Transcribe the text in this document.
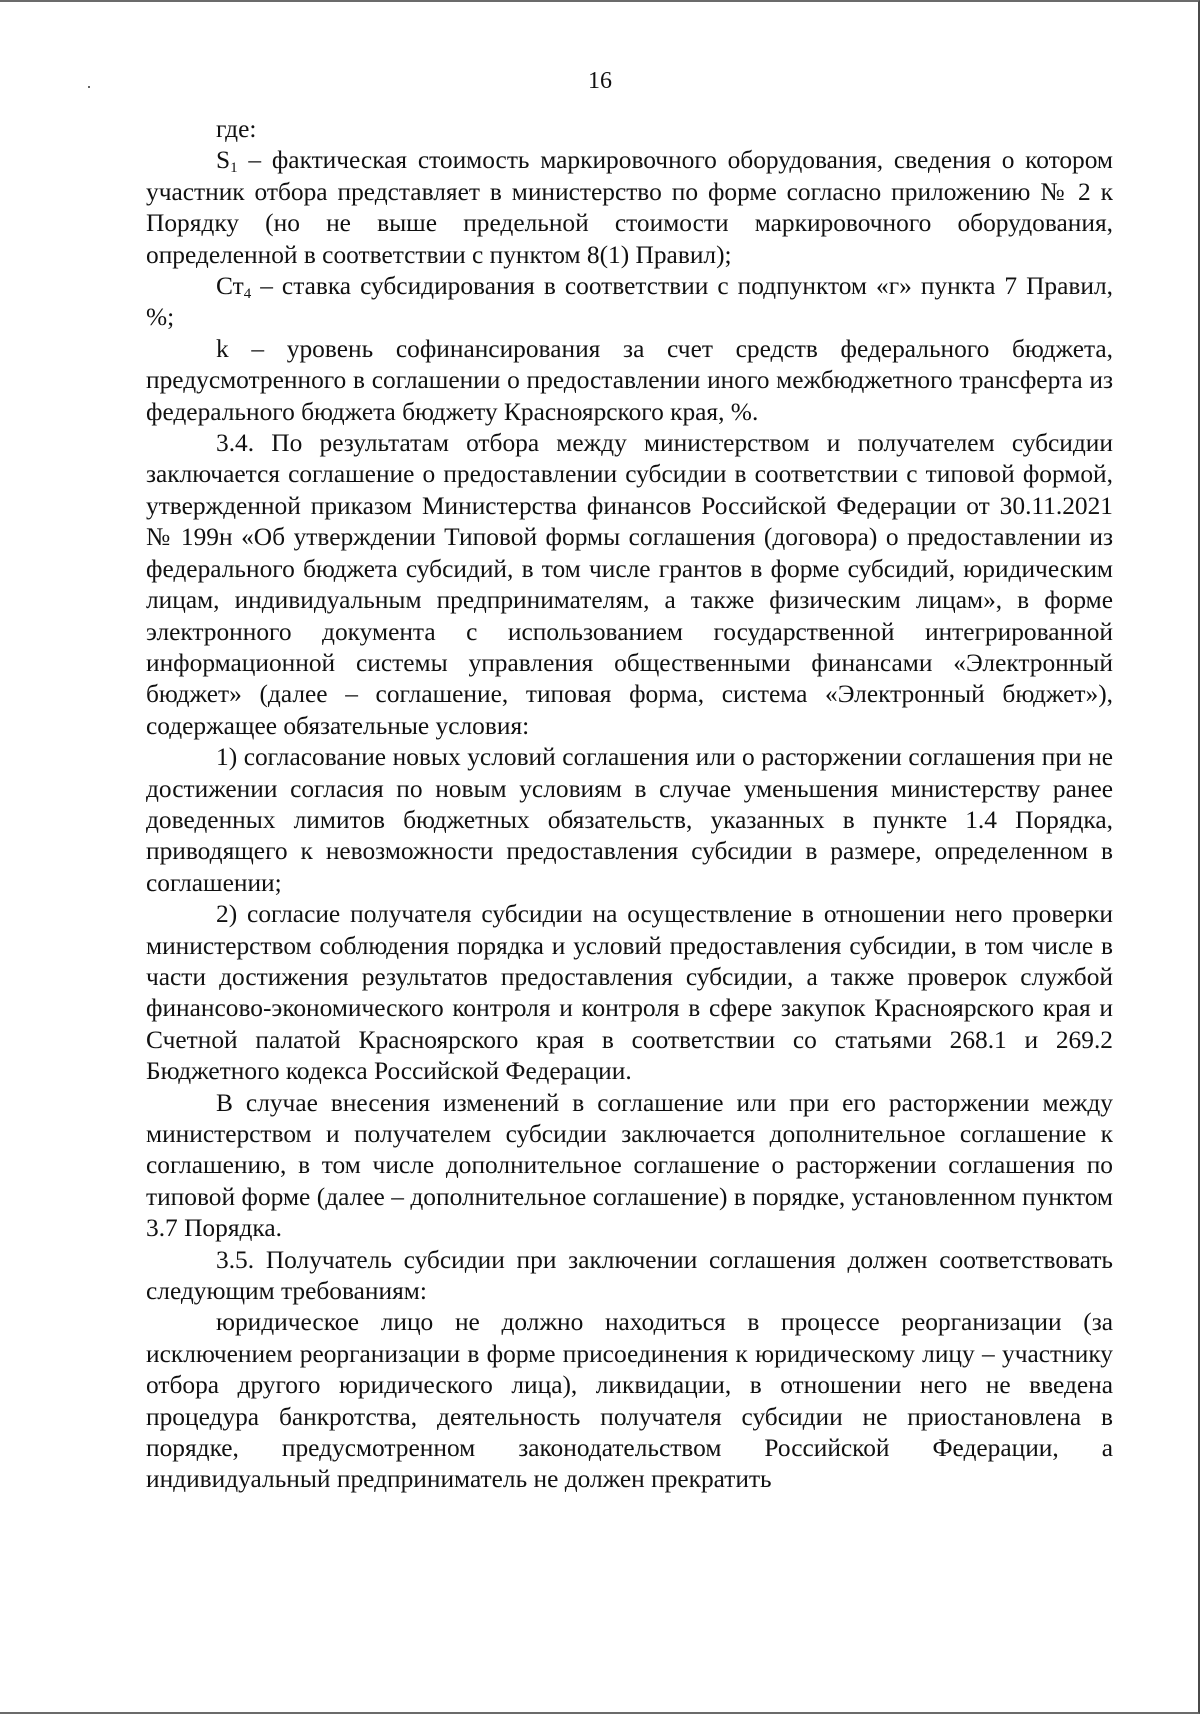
16

где:

$S_1$ – фактическая стоимость маркировочного оборудования, сведения о котором участник отбора представляет в министерство по форме согласно приложению № 2 к Порядку (но не выше предельной стоимости маркировочного оборудования, определенной в соответствии с пунктом 8(1) Правил);

$Ст_4$ – ставка субсидирования в соответствии с подпунктом «г» пункта 7 Правил, %;

k – уровень софинансирования за счет средств федерального бюджета, предусмотренного в соглашении о предоставлении иного межбюджетного трансферта из федерального бюджета бюджету Красноярского края, %.

3.4. По результатам отбора между министерством и получателем субсидии заключается соглашение о предоставлении субсидии в соответствии с типовой формой, утвержденной приказом Министерства финансов Российской Федерации от 30.11.2021 № 199н «Об утверждении Типовой формы соглашения (договора) о предоставлении из федерального бюджета субсидий, в том числе грантов в форме субсидий, юридическим лицам, индивидуальным предпринимателям, а также физическим лицам», в форме электронного документа с использованием государственной интегрированной информационной системы управления общественными финансами «Электронный бюджет» (далее – соглашение, типовая форма, система «Электронный бюджет»), содержащее обязательные условия:

1) согласование новых условий соглашения или о расторжении соглашения при не достижении согласия по новым условиям в случае уменьшения министерству ранее доведенных лимитов бюджетных обязательств, указанных в пункте 1.4 Порядка, приводящего к невозможности предоставления субсидии в размере, определенном в соглашении;

2) согласие получателя субсидии на осуществление в отношении него проверки министерством соблюдения порядка и условий предоставления субсидии, в том числе в части достижения результатов предоставления субсидии, а также проверок службой финансово-экономического контроля и контроля в сфере закупок Красноярского края и Счетной палатой Красноярского края в соответствии со статьями 268.1 и 269.2 Бюджетного кодекса Российской Федерации.

В случае внесения изменений в соглашение или при его расторжении между министерством и получателем субсидии заключается дополнительное соглашение к соглашению, в том числе дополнительное соглашение о расторжении соглашения по типовой форме (далее – дополнительное соглашение) в порядке, установленном пунктом 3.7 Порядка.

3.5. Получатель субсидии при заключении соглашения должен соответствовать следующим требованиям:

юридическое лицо не должно находиться в процессе реорганизации (за исключением реорганизации в форме присоединения к юридическому лицу – участнику отбора другого юридического лица), ликвидации, в отношении него не введена процедура банкротства, деятельность получателя субсидии не приостановлена в порядке, предусмотренном законодательством Российской Федерации, а индивидуальный предприниматель не должен прекратить
